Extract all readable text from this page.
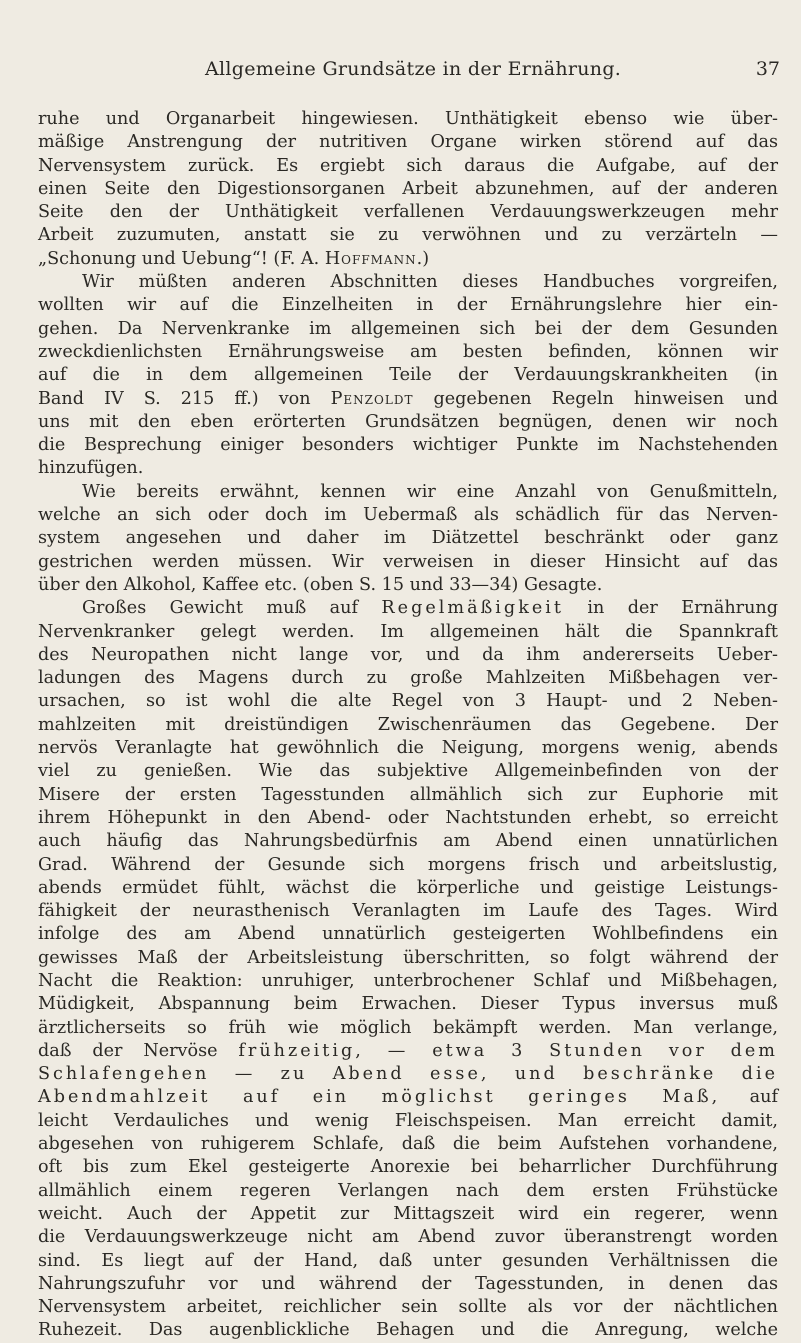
Allgemeine Grundsätze in der Ernährung.	37
ruhe und Organarbeit hingewiesen. Unthätigkeit ebenso wie über-
mäßige Anstrengung der nutritiven Organe wirken störend auf das
Nervensystem zurück. Es ergiebt sich daraus die Aufgabe, auf der
einen Seite den Digestionsorganen Arbeit abzunehmen, auf der anderen
Seite den der Unthätigkeit verfallenen Verdauungswerkzeugen mehr
Arbeit zuzumuten, anstatt sie zu verwöhnen und zu verzärteln —
„Schonung und Uebung“! (F. A. Hoffmann.)
Wir müßten anderen Abschnitten dieses Handbuches vorgreifen,
wollten wir auf die Einzelheiten in der Ernährungslehre hier ein-
gehen. Da Nervenkranke im allgemeinen sich bei der dem Gesunden
zweckdienlichsten Ernährungsweise am besten befinden, können wir
auf die in dem allgemeinen Teile der Verdauungskrankheiten (in
Band IV S. 215 ff.) von Penzoldt gegebenen Regeln hinweisen und
uns mit den eben erörterten Grundsätzen begnügen, denen wir noch
die Besprechung einiger besonders wichtiger Punkte im Nachstehenden
hinzufügen.
Wie bereits erwähnt, kennen wir eine Anzahl von Genußmitteln,
welche an sich oder doch im Uebermaß als schädlich für das Nerven-
system angesehen und daher im Diätzettel beschränkt oder ganz
gestrichen werden müssen. Wir verweisen in dieser Hinsicht auf das
über den Alkohol, Kaffee etc. (oben S. 15 und 33—34) Gesagte.
Großes Gewicht muß auf Regelmäßigkeit in der Ernährung
Nervenkranker gelegt werden. Im allgemeinen hält die Spannkraft
des Neuropathen nicht lange vor, und da ihm andererseits Ueber-
ladungen des Magens durch zu große Mahlzeiten Mißbehagen ver-
ursachen, so ist wohl die alte Regel von 3 Haupt- und 2 Neben-
mahlzeiten mit dreistündigen Zwischenräumen das Gegebene. Der
nervös Veranlagte hat gewöhnlich die Neigung, morgens wenig, abends
viel zu genießen. Wie das subjektive Allgemeinbefinden von der
Misere der ersten Tagesstunden allmählich sich zur Euphorie mit
ihrem Höhepunkt in den Abend- oder Nachtstunden erhebt, so erreicht
auch häufig das Nahrungsbedürfnis am Abend einen unnatürlichen
Grad. Während der Gesunde sich morgens frisch und arbeitslustig,
abends ermüdet fühlt, wächst die körperliche und geistige Leistungs-
fähigkeit der neurasthenisch Veranlagten im Laufe des Tages. Wird
infolge des am Abend unnatürlich gesteigerten Wohlbefindens ein
gewisses Maß der Arbeitsleistung überschritten, so folgt während der
Nacht die Reaktion: unruhiger, unterbrochener Schlaf und Mißbehagen,
Müdigkeit, Abspannung beim Erwachen. Dieser Typus inversus muß
ärztlicherseits so früh wie möglich bekämpft werden. Man verlange,
daß der Nervöse frühzeitig, — etwa 3 Stunden vor dem
Schlafengehen — zu Abend esse, und beschränke die
Abendmahlzeit auf ein möglichst geringes Maß, auf
leicht Verdauliches und wenig Fleischspeisen. Man erreicht damit,
abgesehen von ruhigerem Schlafe, daß die beim Aufstehen vorhandene,
oft bis zum Ekel gesteigerte Anorexie bei beharrlicher Durchführung
allmählich einem regeren Verlangen nach dem ersten Frühstücke
weicht. Auch der Appetit zur Mittagszeit wird ein regerer, wenn
die Verdauungswerkzeuge nicht am Abend zuvor überanstrengt worden
sind. Es liegt auf der Hand, daß unter gesunden Verhältnissen die
Nahrungszufuhr vor und während der Tagesstunden, in denen das
Nervensystem arbeitet, reichlicher sein sollte als vor der nächtlichen
Ruhezeit. Das augenblickliche Behagen und die Anregung, welche
